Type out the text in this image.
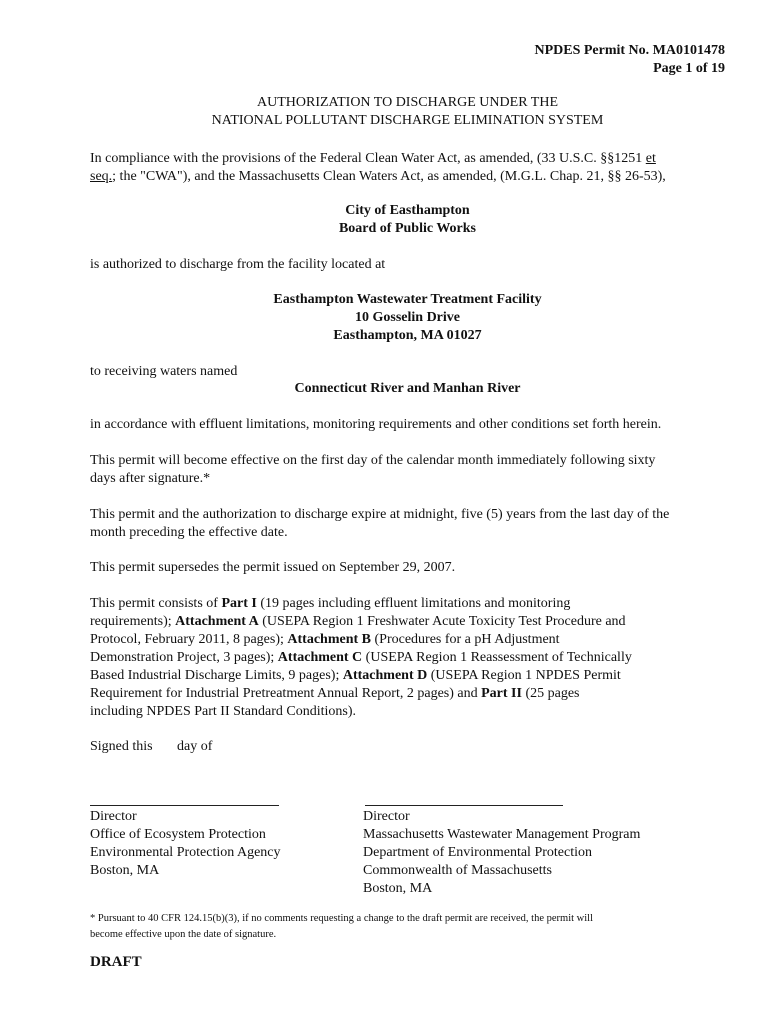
NPDES Permit No. MA0101478
Page 1 of 19
AUTHORIZATION TO DISCHARGE UNDER THE
NATIONAL POLLUTANT DISCHARGE ELIMINATION SYSTEM
In compliance with the provisions of the Federal Clean Water Act, as amended, (33 U.S.C. §§1251 et
seq.; the "CWA"), and the Massachusetts Clean Waters Act, as amended, (M.G.L. Chap. 21, §§ 26-53),
City of Easthampton
Board of Public Works
is authorized to discharge from the facility located at
Easthampton Wastewater Treatment Facility
10 Gosselin Drive
Easthampton, MA 01027
to receiving waters named
Connecticut River and Manhan River
in accordance with effluent limitations, monitoring requirements and other conditions set forth herein.
This permit will become effective on the first day of the calendar month immediately following sixty
days after signature.*
This permit and the authorization to discharge expire at midnight, five (5) years from the last day of the
month preceding the effective date.
This permit supersedes the permit issued on September 29, 2007.
This permit consists of Part I (19 pages including effluent limitations and monitoring
requirements); Attachment A (USEPA Region 1 Freshwater Acute Toxicity Test Procedure and
Protocol, February 2011, 8 pages); Attachment B (Procedures for a pH Adjustment
Demonstration Project, 3 pages); Attachment C (USEPA Region 1 Reassessment of Technically
Based Industrial Discharge Limits, 9 pages); Attachment D (USEPA Region 1 NPDES Permit
Requirement for Industrial Pretreatment Annual Report, 2 pages) and Part II (25 pages
including NPDES Part II Standard Conditions).
Signed this	day of
Director
Office of Ecosystem Protection
Environmental Protection Agency
Boston, MA
Director
Massachusetts Wastewater Management Program
Department of Environmental Protection
Commonwealth of Massachusetts
Boston, MA
* Pursuant to 40 CFR 124.15(b)(3), if no comments requesting a change to the draft permit are received, the permit will
become effective upon the date of signature.
DRAFT
